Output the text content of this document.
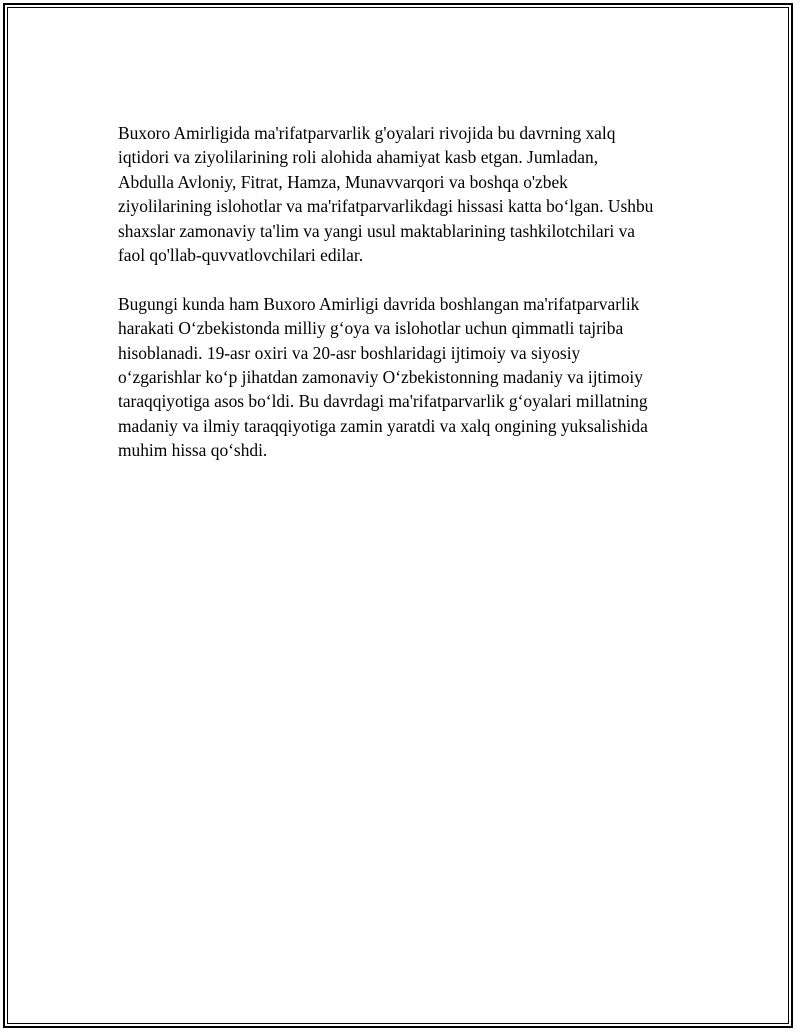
Buxoro Amirligida ma'rifatparvarlik g'oyalari rivojida bu davrning xalq
iqtidori va ziyolilarining roli alohida ahamiyat kasb etgan. Jumladan,
Abdulla Avloniy, Fitrat, Hamza, Munavvarqori va boshqa o'zbek
ziyolilarining islohotlar va ma'rifatparvarlikdagi hissasi katta bo‘lgan. Ushbu
shaxslar zamonaviy ta'lim va yangi usul maktablarining tashkilotchilari va
faol qo'llab-quvvatlovchilari edilar.

Bugungi kunda ham Buxoro Amirligi davrida boshlangan ma'rifatparvarlik
harakati O‘zbekistonda milliy g‘oya va islohotlar uchun qimmatli tajriba
hisoblanadi. 19-asr oxiri va 20-asr boshlaridagi ijtimoiy va siyosiy
o‘zgarishlar ko‘p jihatdan zamonaviy O‘zbekistonning madaniy va ijtimoiy
taraqqiyotiga asos bo‘ldi. Bu davrdagi ma'rifatparvarlik g‘oyalari millatning
madaniy va ilmiy taraqqiyotiga zamin yaratdi va xalq ongining yuksalishida
muhim hissa qo‘shdi.
